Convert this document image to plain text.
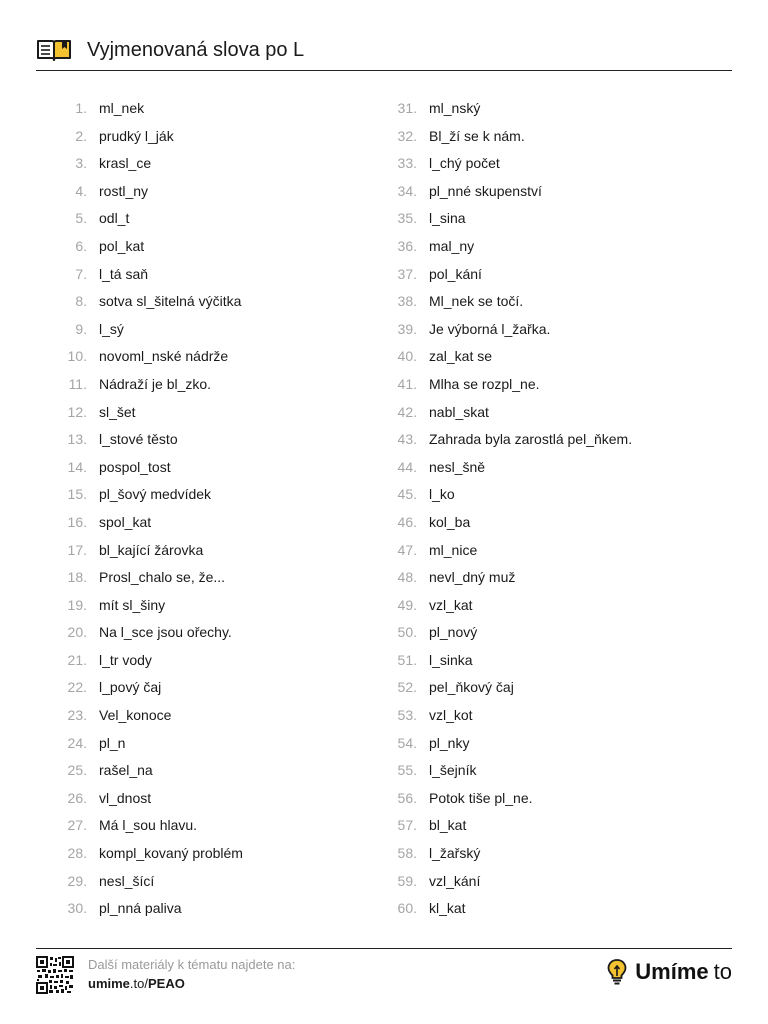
Vyjmenovaná slova po L
1. ml_nek
2. prudký l_ják
3. krasl_ce
4. rostl_ny
5. odl_t
6. pol_kat
7. l_tá saň
8. sotva sl_šitelná výčitka
9. l_sý
10. novoml_nské nádrže
11. Nádraží je bl_zko.
12. sl_šet
13. l_stové těsto
14. pospol_tost
15. pl_šový medvídek
16. spol_kat
17. bl_kající žárovka
18. Prosl_chalo se, že...
19. mít sl_šiny
20. Na l_sce jsou ořechy.
21. l_tr vody
22. l_pový čaj
23. Vel_konoce
24. pl_n
25. rašel_na
26. vl_dnost
27. Má l_sou hlavu.
28. kompl_kovaný problém
29. nesl_šící
30. pl_nná paliva
31. ml_nský
32. Bl_ží se k nám.
33. l_chý počet
34. pl_nné skupenství
35. l_sina
36. mal_ny
37. pol_kání
38. Ml_nek se točí.
39. Je výborná l_žařka.
40. zal_kat se
41. Mlha se rozpl_ne.
42. nabl_skat
43. Zahrada byla zarostlá pel_ňkem.
44. nesl_šně
45. l_ko
46. kol_ba
47. ml_nice
48. nevl_dný muž
49. vzl_kat
50. pl_nový
51. l_sinka
52. pel_ňkový čaj
53. vzl_kot
54. pl_nky
55. l_šejník
56. Potok tiše pl_ne.
57. bl_kat
58. l_žařský
59. vzl_kání
60. kl_kat
Další materiály k tématu najdete na:
umime.to/PEAO	Umíme to
